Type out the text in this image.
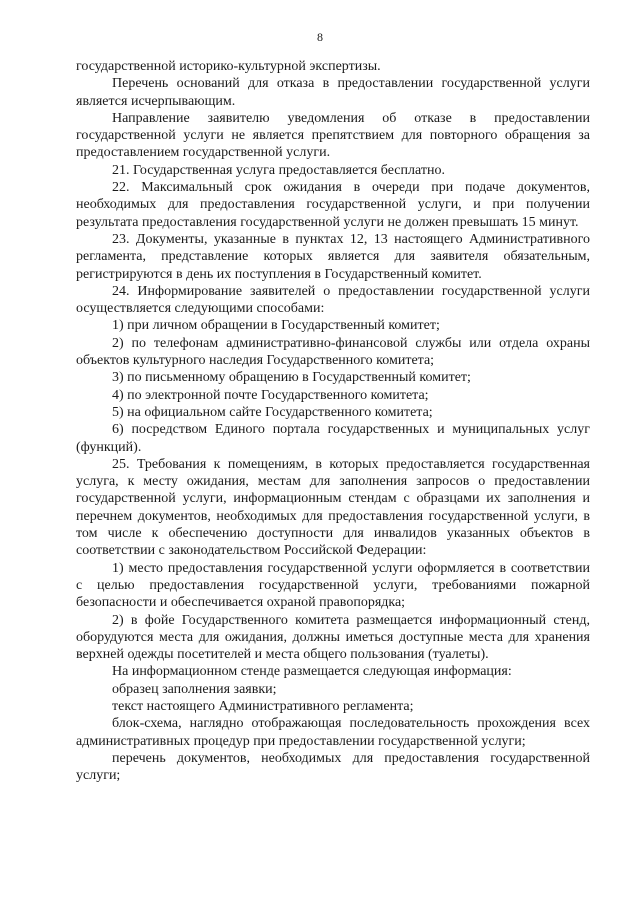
8

государственной историко-культурной экспертизы.

Перечень оснований для отказа в предоставлении государственной услуги является исчерпывающим.

Направление заявителю уведомления об отказе в предоставлении государственной услуги не является препятствием для повторного обращения за предоставлением государственной услуги.

21. Государственная услуга предоставляется бесплатно.

22. Максимальный срок ожидания в очереди при подаче документов, необходимых для предоставления государственной услуги, и при получении результата предоставления государственной услуги не должен превышать 15 минут.

23. Документы, указанные в пунктах 12, 13 настоящего Административного регламента, представление которых является для заявителя обязательным, регистрируются в день их поступления в Государственный комитет.

24. Информирование заявителей о предоставлении государственной услуги осуществляется следующими способами:

1) при личном обращении в Государственный комитет;

2) по телефонам административно-финансовой службы или отдела охраны объектов культурного наследия Государственного комитета;

3) по письменному обращению в Государственный комитет;

4) по электронной почте Государственного комитета;

5) на официальном сайте Государственного комитета;

6) посредством Единого портала государственных и муниципальных услуг (функций).

25. Требования к помещениям, в которых предоставляется государственная услуга, к месту ожидания, местам для заполнения запросов о предоставлении государственной услуги, информационным стендам с образцами их заполнения и перечнем документов, необходимых для предоставления государственной услуги, в том числе к обеспечению доступности для инвалидов указанных объектов в соответствии с законодательством Российской Федерации:

1) место предоставления государственной услуги оформляется в соответствии с целью предоставления государственной услуги, требованиями пожарной безопасности и обеспечивается охраной правопорядка;

2) в фойе Государственного комитета размещается информационный стенд, оборудуются места для ожидания, должны иметься доступные места для хранения верхней одежды посетителей и места общего пользования (туалеты).

На информационном стенде размещается следующая информация:

образец заполнения заявки;

текст настоящего Административного регламента;

блок-схема, наглядно отображающая последовательность прохождения всех административных процедур при предоставлении государственной услуги;

перечень документов, необходимых для предоставления государственной услуги;
